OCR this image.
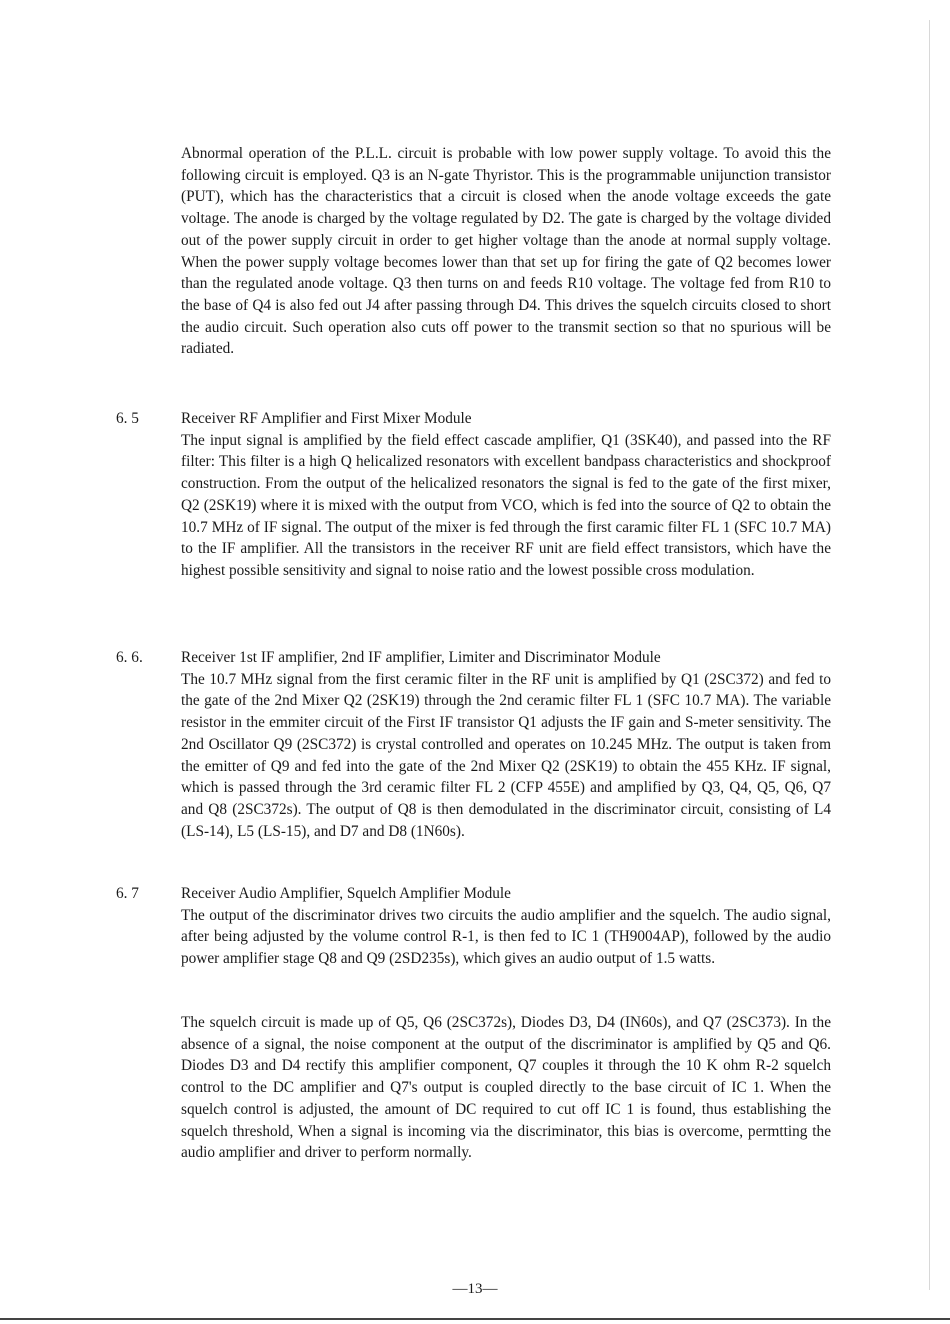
Abnormal operation of the P.L.L. circuit is probable with low power supply voltage. To avoid this the following circuit is employed. Q3 is an N-gate Thyristor. This is the programmable unijunction transistor (PUT), which has the characteristics that a circuit is closed when the anode voltage exceeds the gate voltage. The anode is charged by the voltage regulated by D2. The gate is charged by the voltage divided out of the power supply circuit in order to get higher voltage than the anode at normal supply voltage. When the power supply voltage becomes lower than that set up for firing the gate of Q2 becomes lower than the regulated anode voltage. Q3 then turns on and feeds R10 voltage. The voltage fed from R10 to the base of Q4 is also fed out J4 after passing through D4. This drives the squelch circuits closed to short the audio circuit. Such operation also cuts off power to the transmit section so that no spurious will be radiated.

6. 5	Receiver RF Amplifier and First Mixer Module
The input signal is amplified by the field effect cascade amplifier, Q1 (3SK40), and passed into the RF filter: This filter is a high Q helicalized resonators with excellent bandpass characteristics and shockproof construction. From the output of the helicalized resonators the signal is fed to the gate of the first mixer, Q2 (2SK19) where it is mixed with the output from VCO, which is fed into the source of Q2 to obtain the 10.7 MHz of IF signal. The output of the mixer is fed through the first caramic filter FL 1 (SFC 10.7 MA) to the IF amplifier. All the transistors in the receiver RF unit are field effect transistors, which have the highest possible sensitivity and signal to noise ratio and the lowest possible cross modulation.
6. 6. Receiver 1st IF amplifier, 2nd IF amplifier, Limiter and Discriminator Module
The 10.7 MHz signal from the first ceramic filter in the RF unit is amplified by Q1 (2SC372) and fed to the gate of the 2nd Mixer Q2 (2SK19) through the 2nd ceramic filter FL 1 (SFC 10.7 MA). The variable resistor in the emmiter circuit of the First IF transistor Q1 adjusts the IF gain and S-meter sensitivity. The 2nd Oscillator Q9 (2SC372) is crystal controlled and operates on 10.245 MHz. The output is taken from the emitter of Q9 and fed into the gate of the 2nd Mixer Q2 (2SK19) to obtain the 455 KHz. IF signal, which is passed through the 3rd ceramic filter FL 2 (CFP 455E) and amplified by Q3, Q4, Q5, Q6, Q7 and Q8 (2SC372s). The output of Q8 is then demodulated in the discriminator circuit, consisting of L4 (LS-14), L5 (LS-15), and D7 and D8 (1N60s).
6. 7	Receiver Audio Amplifier, Squelch Amplifier Module
The output of the discriminator drives two circuits the audio amplifier and the squelch. The audio signal, after being adjusted by the volume control R-1, is then fed to IC 1 (TH9004AP), followed by the audio power amplifier stage Q8 and Q9 (2SD235s), which gives an audio output of 1.5 watts.

The squelch circuit is made up of Q5, Q6 (2SC372s), Diodes D3, D4 (IN60s), and Q7 (2SC373). In the absence of a signal, the noise component at the output of the discriminator is amplified by Q5 and Q6. Diodes D3 and D4 rectify this amplifier component, Q7 couples it through the 10 K ohm R-2 squelch control to the DC amplifier and Q7's output is coupled directly to the base circuit of IC 1. When the squelch control is adjusted, the amount of DC required to cut off IC 1 is found, thus establishing the squelch threshold, When a signal is incoming via the discriminator, this bias is overcome, permtting the audio amplifier and driver to perform normally.

—13—
